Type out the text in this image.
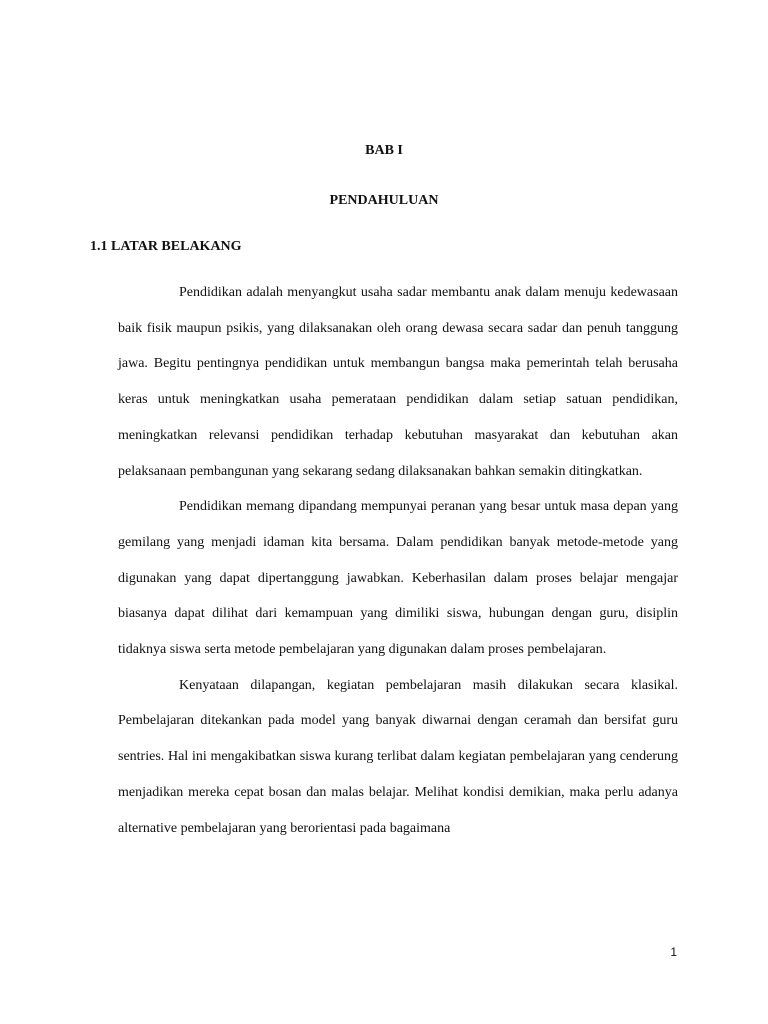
BAB I
PENDAHULUAN
1.1 LATAR BELAKANG

Pendidikan adalah menyangkut usaha sadar membantu anak dalam menuju kedewasaan baik fisik maupun psikis, yang dilaksanakan oleh orang dewasa secara sadar dan penuh tanggung jawa. Begitu pentingnya pendidikan untuk membangun bangsa maka pemerintah telah berusaha keras untuk meningkatkan usaha pemerataan pendidikan dalam setiap satuan pendidikan, meningkatkan relevansi pendidikan terhadap kebutuhan masyarakat dan kebutuhan akan pelaksanaan pembangunan yang sekarang sedang dilaksanakan bahkan semakin ditingkatkan.

Pendidikan memang dipandang mempunyai peranan yang besar untuk masa depan yang gemilang yang menjadi idaman kita bersama. Dalam pendidikan banyak metode-metode yang digunakan yang dapat dipertanggung jawabkan. Keberhasilan dalam proses belajar mengajar biasanya dapat dilihat dari kemampuan yang dimiliki siswa, hubungan dengan guru, disiplin tidaknya siswa serta metode pembelajaran yang digunakan dalam proses pembelajaran.

Kenyataan dilapangan, kegiatan pembelajaran masih dilakukan secara klasikal. Pembelajaran ditekankan pada model yang banyak diwarnai dengan ceramah dan bersifat guru sentries. Hal ini mengakibatkan siswa kurang terlibat dalam kegiatan pembelajaran yang cenderung menjadikan mereka cepat bosan dan malas belajar. Melihat kondisi demikian, maka perlu adanya alternative pembelajaran yang berorientasi pada bagaimana

1
